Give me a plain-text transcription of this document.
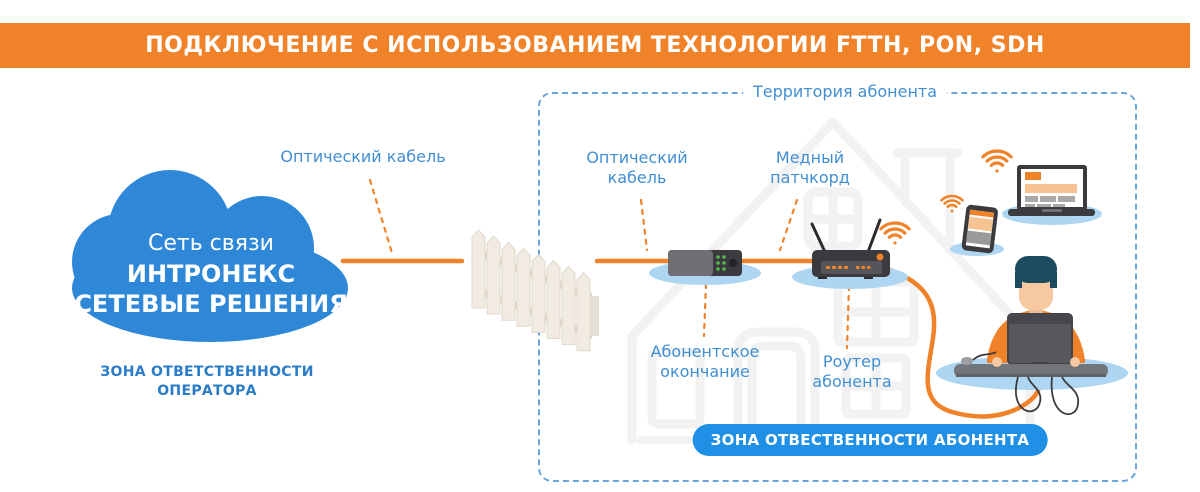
ПОДКЛЮЧЕНИЕ С ИСПОЛЬЗОВАНИЕМ ТЕХНОЛОГИИ FTTH, PON, SDH
Сеть связи
ИНТРОНЕКС
СЕТЕВЫЕ РЕШЕНИЯ
ЗОНА ОТВЕТСТВЕННОСТИ
ОПЕРАТОРА
Территория абонента
Оптический кабель	Оптический
кабель
Медный
патчкорд
Абонентское
окончание
Роутер
абонента
ЗОНА ОТВЕСТВЕННОСТИ АБОНЕНТА
